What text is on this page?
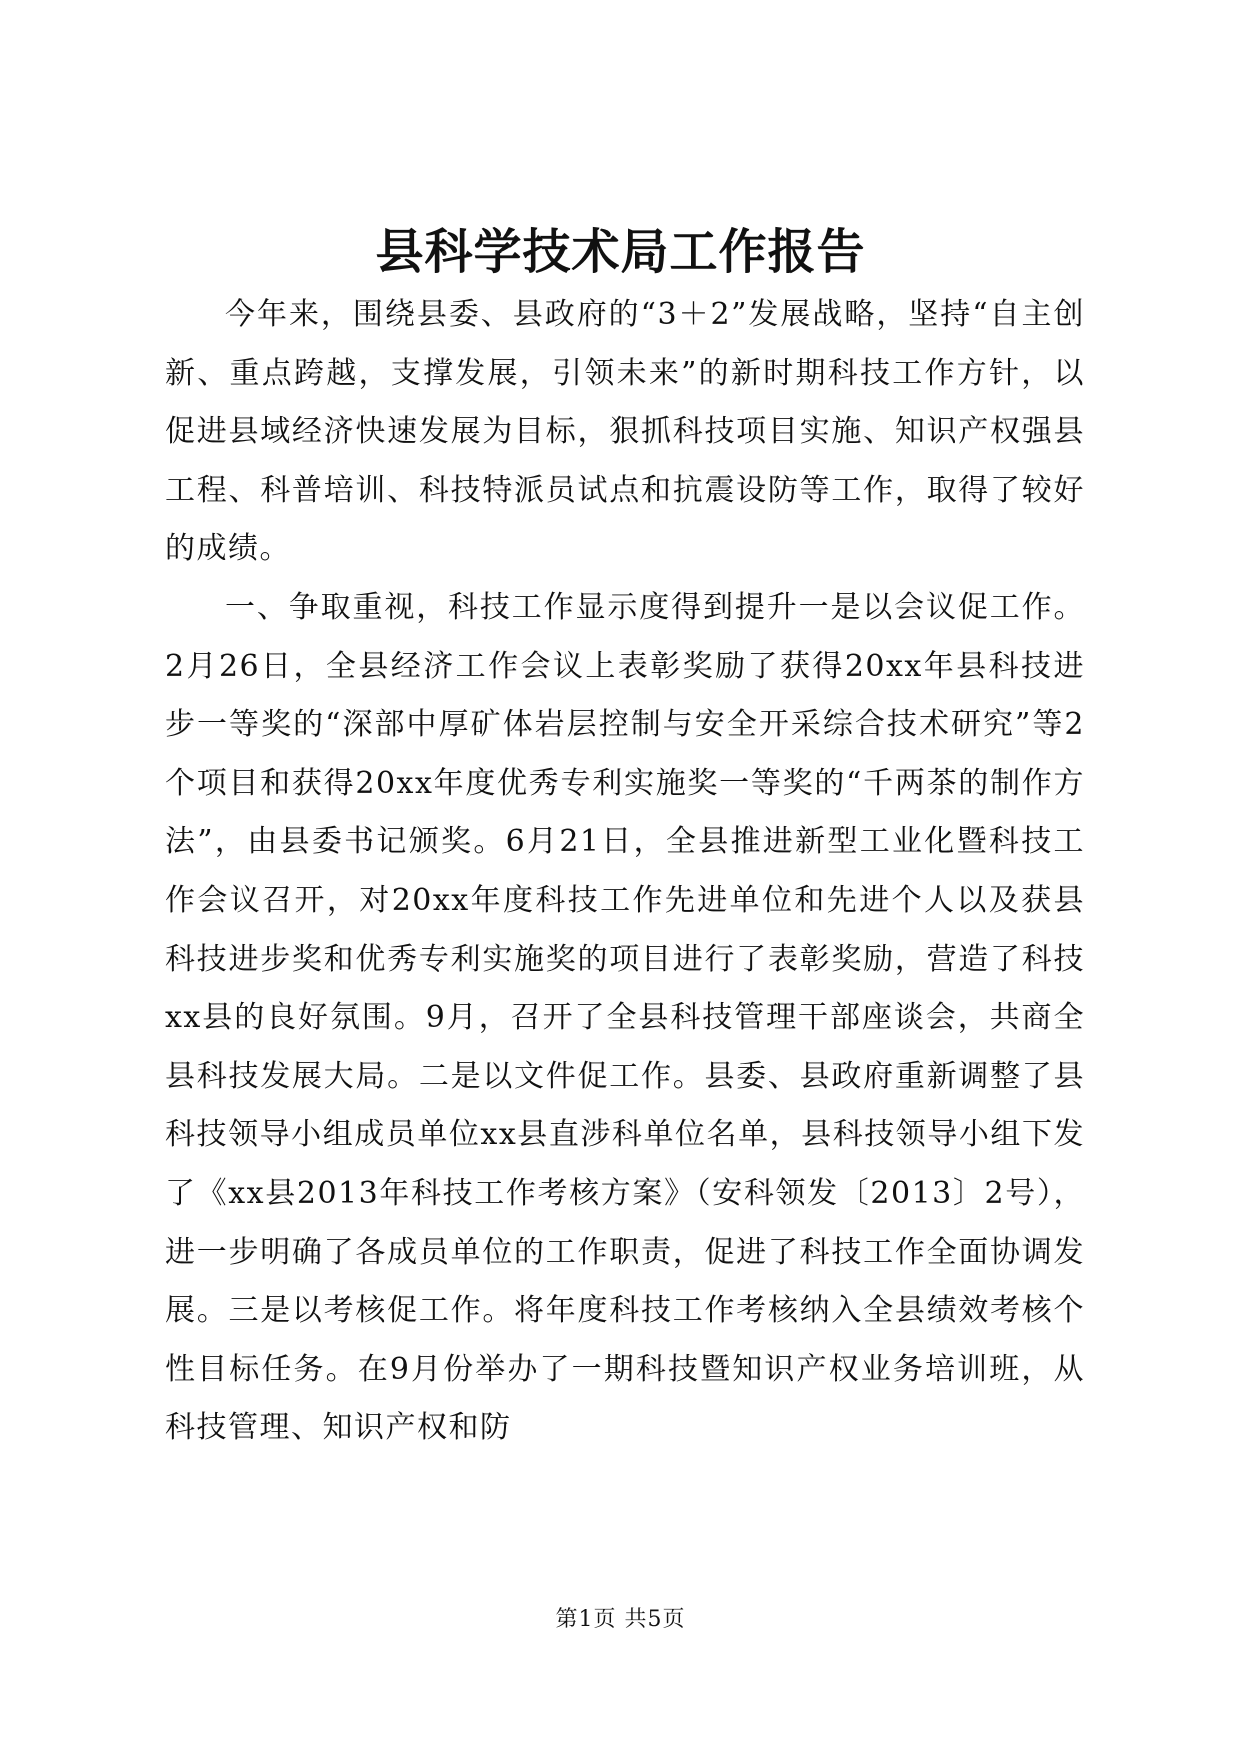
县科学技术局工作报告

今年来，围绕县委、县政府的“3＋2”发展战略，坚持“自主创新、重点跨越，支撑发展，引领未来”的新时期科技工作方针，以促进县域经济快速发展为目标，狠抓科技项目实施、知识产权强县工程、科普培训、科技特派员试点和抗震设防等工作，取得了较好的成绩。

一、争取重视，科技工作显示度得到提升一是以会议促工作。2月26日，全县经济工作会议上表彰奖励了获得20xx年县科技进步一等奖的“深部中厚矿体岩层控制与安全开采综合技术研究”等2个项目和获得20xx年度优秀专利实施奖一等奖的“千两茶的制作方法”，由县委书记颁奖。6月21日，全县推进新型工业化暨科技工作会议召开，对20xx年度科技工作先进单位和先进个人以及获县科技进步奖和优秀专利实施奖的项目进行了表彰奖励，营造了科技xx县的良好氛围。9月，召开了全县科技管理干部座谈会，共商全县科技发展大局。二是以文件促工作。县委、县政府重新调整了县科技领导小组成员单位xx县直涉科单位名单，县科技领导小组下发了《xx县2013年科技工作考核方案》（安科领发〔2013〕2号），进一步明确了各成员单位的工作职责，促进了科技工作全面协调发展。三是以考核促工作。将年度科技工作考核纳入全县绩效考核个性目标任务。在9月份举办了一期科技暨知识产权业务培训班，从科技管理、知识产权和防

第1页 共5页
